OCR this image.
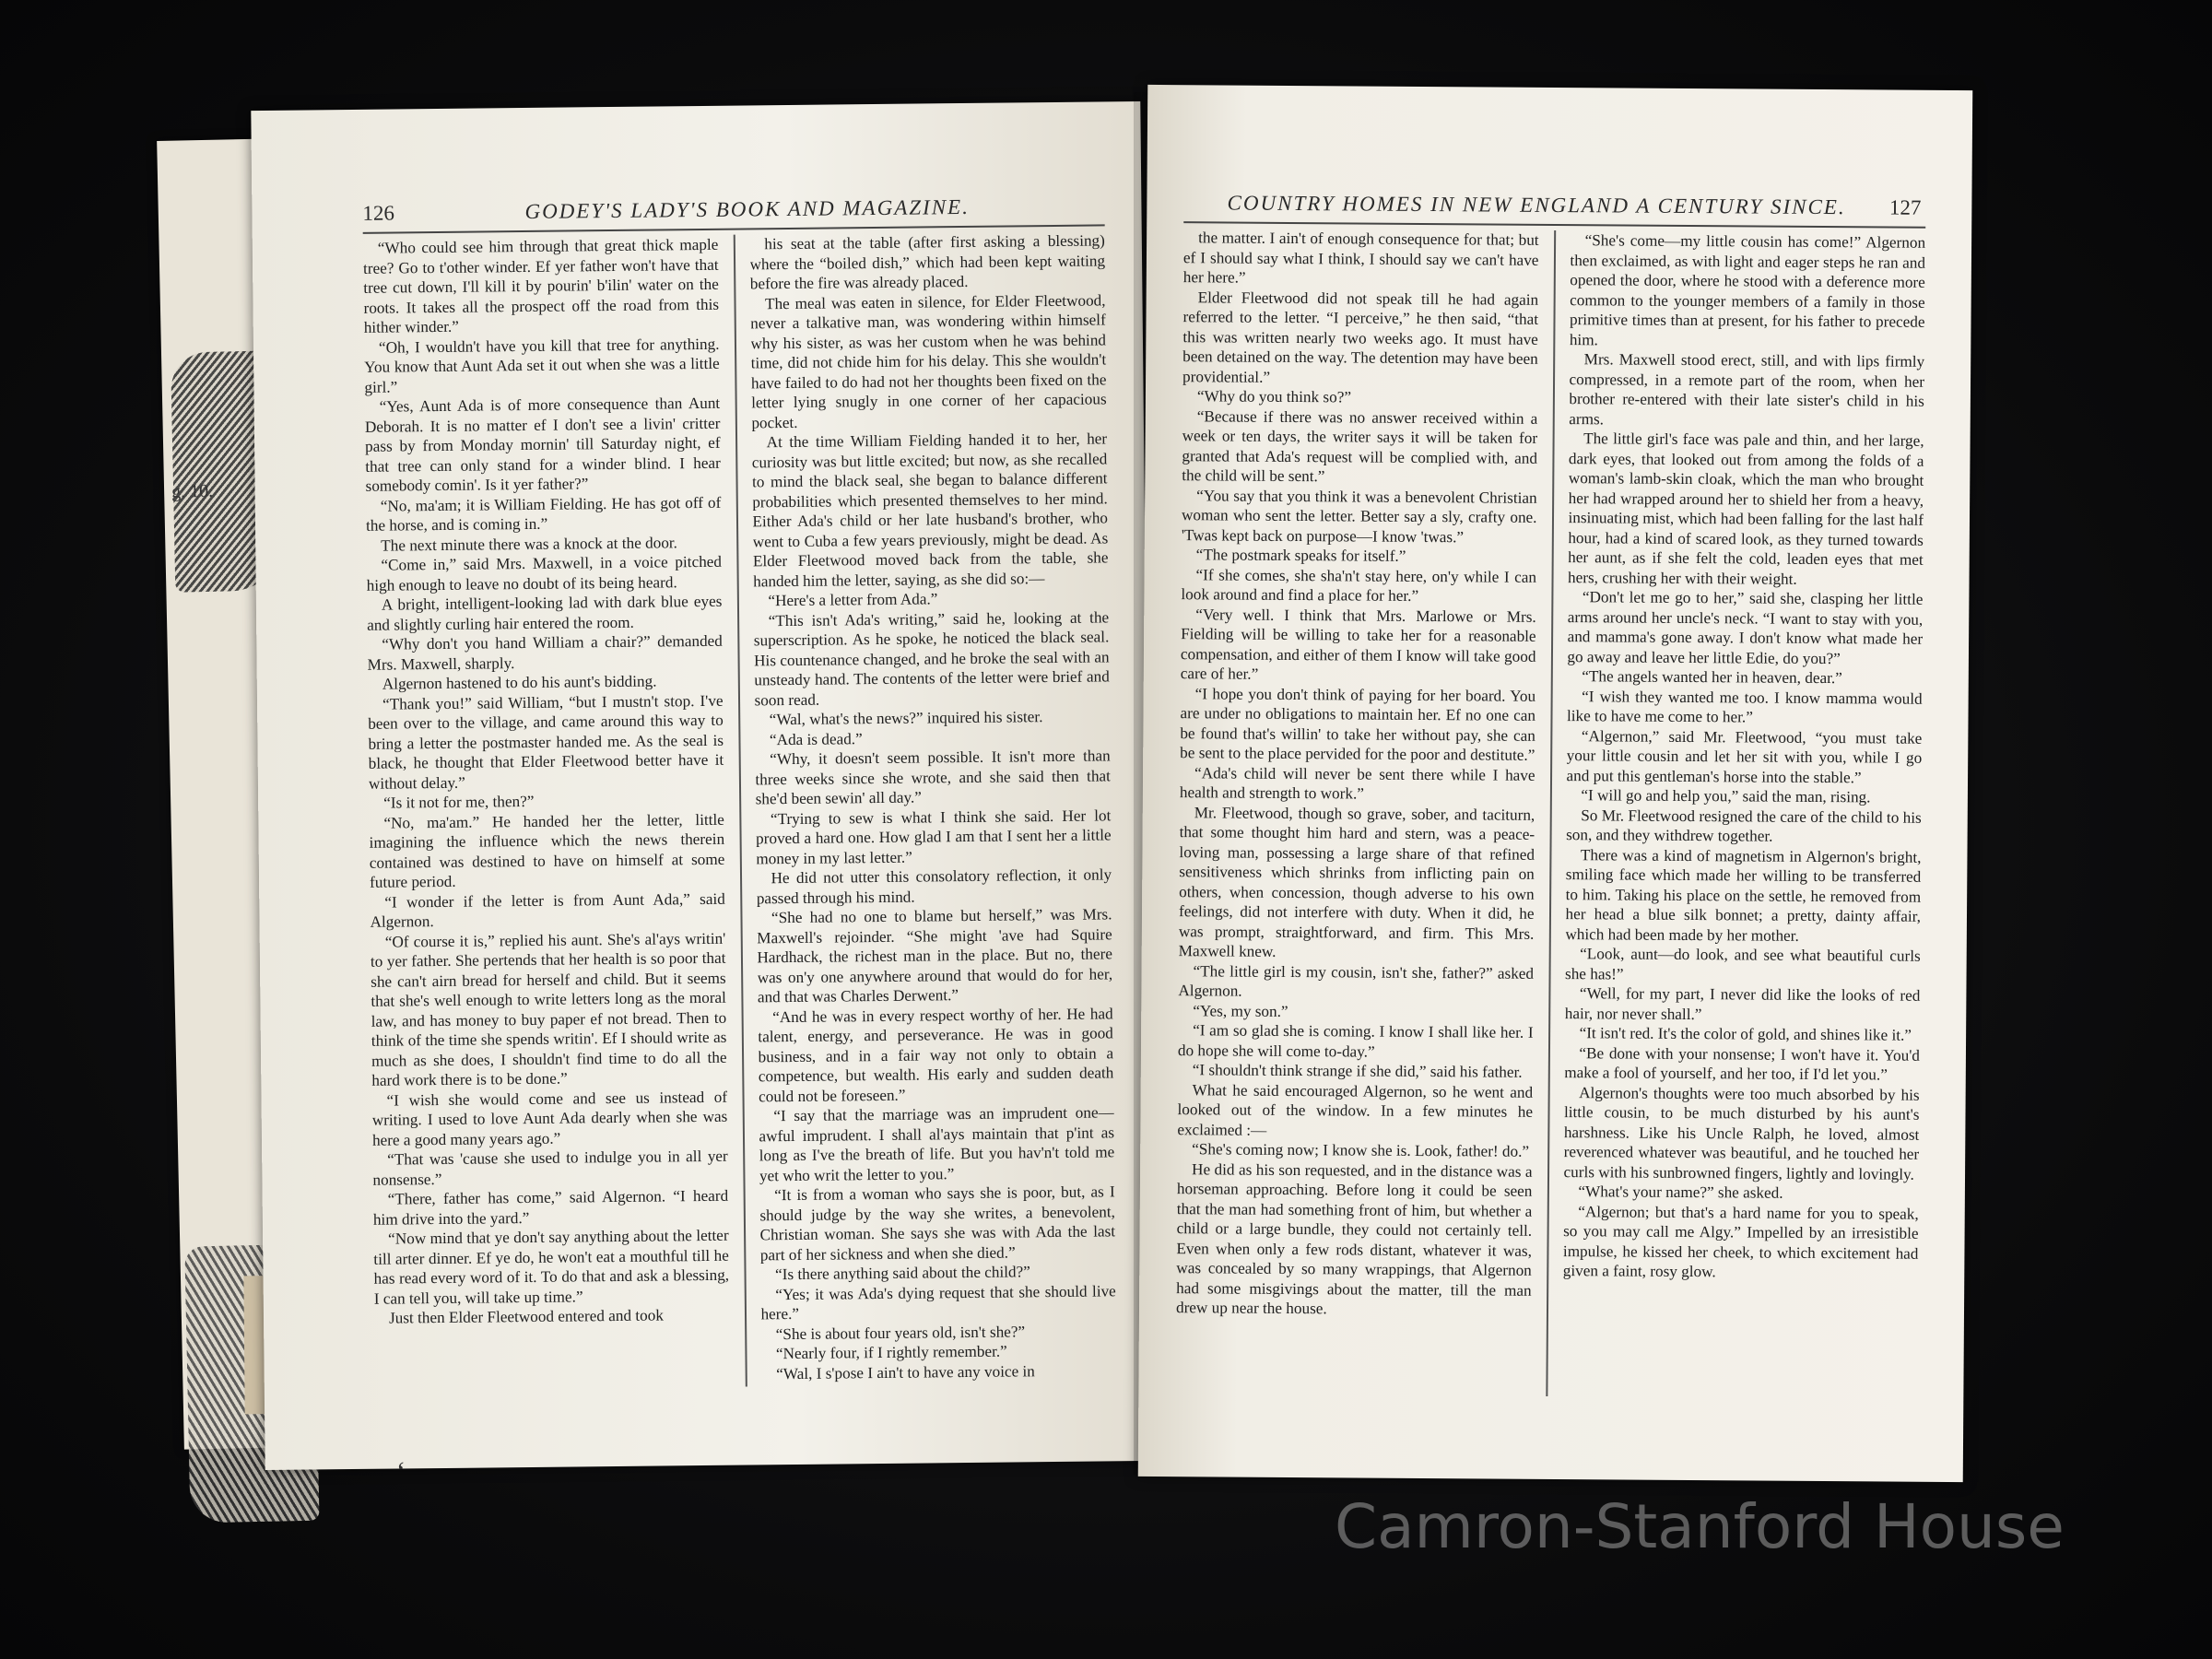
g. 10.
126	GODEY'S LADY'S BOOK AND MAGAZINE.

“Who could see him through that great thick maple tree? Go to t'other winder. Ef yer father won't have that tree cut down, I'll kill it by pourin' b'ilin' water on the roots. It takes all the prospect off the road from this hither winder.”

“Oh, I wouldn't have you kill that tree for anything. You know that Aunt Ada set it out when she was a little girl.”

“Yes, Aunt Ada is of more consequence than Aunt Deborah. It is no matter ef I don't see a livin' critter pass by from Monday mornin' till Saturday night, ef that tree can only stand for a winder blind. I hear somebody comin'. Is it yer father?”

“No, ma'am; it is William Fielding. He has got off of the horse, and is coming in.”

The next minute there was a knock at the door.

“Come in,” said Mrs. Maxwell, in a voice pitched high enough to leave no doubt of its being heard.

A bright, intelligent-looking lad with dark blue eyes and slightly curling hair entered the room.

“Why don't you hand William a chair?” demanded Mrs. Maxwell, sharply.

Algernon hastened to do his aunt's bidding.

“Thank you!” said William, “but I mustn't stop. I've been over to the village, and came around this way to bring a letter the postmaster handed me. As the seal is black, he thought that Elder Fleetwood better have it without delay.”

“Is it not for me, then?”

“No, ma'am.” He handed her the letter, little imagining the influence which the news therein contained was destined to have on himself at some future period.

“I wonder if the letter is from Aunt Ada,” said Algernon.

“Of course it is,” replied his aunt. She's al'ays writin' to yer father. She pertends that her health is so poor that she can't airn bread for herself and child. But it seems that she's well enough to write letters long as the moral law, and has money to buy paper ef not bread. Then to think of the time she spends writin'. Ef I should write as much as she does, I shouldn't find time to do all the hard work there is to be done.”

“I wish she would come and see us instead of writing. I used to love Aunt Ada dearly when she was here a good many years ago.”

“That was 'cause she used to indulge you in all yer nonsense.”

“There, father has come,” said Algernon. “I heard him drive into the yard.”

“Now mind that ye don't say anything about the letter till arter dinner. Ef ye do, he won't eat a mouthful till he has read every word of it. To do that and ask a blessing, I can tell you, will take up time.”

Just then Elder Fleetwood entered and took

his seat at the table (after first asking a blessing) where the “boiled dish,” which had been kept waiting before the fire was already placed.

The meal was eaten in silence, for Elder Fleetwood, never a talkative man, was wondering within himself why his sister, as was her custom when he was behind time, did not chide him for his delay. This she wouldn't have failed to do had not her thoughts been fixed on the letter lying snugly in one corner of her capacious pocket.

At the time William Fielding handed it to her, her curiosity was but little excited; but now, as she recalled to mind the black seal, she began to balance different probabilities which presented themselves to her mind. Either Ada's child or her late husband's brother, who went to Cuba a few years previously, might be dead. As Elder Fleetwood moved back from the table, she handed him the letter, saying, as she did so:—

“Here's a letter from Ada.”

“This isn't Ada's writing,” said he, looking at the superscription. As he spoke, he noticed the black seal. His countenance changed, and he broke the seal with an unsteady hand. The contents of the letter were brief and soon read.

“Wal, what's the news?” inquired his sister.

“Ada is dead.”

“Why, it doesn't seem possible. It isn't more than three weeks since she wrote, and she said then that she'd been sewin' all day.”

“Trying to sew is what I think she said. Her lot proved a hard one. How glad I am that I sent her a little money in my last letter.”

He did not utter this consolatory reflection, it only passed through his mind.

“She had no one to blame but herself,” was Mrs. Maxwell's rejoinder. “She might 'ave had Squire Hardhack, the richest man in the place. But no, there was on'y one anywhere around that would do for her, and that was Charles Derwent.”

“And he was in every respect worthy of her. He had talent, energy, and perseverance. He was in good business, and in a fair way not only to obtain a competence, but wealth. His early and sudden death could not be foreseen.”

“I say that the marriage was an imprudent one—awful imprudent. I shall al'ays maintain that p'int as long as I've the breath of life. But you hav'n't told me yet who writ the letter to you.”

“It is from a woman who says she is poor, but, as I should judge by the way she writes, a benevolent, Christian woman. She says she was with Ada the last part of her sickness and when she died.”

“Is there anything said about the child?”

“Yes; it was Ada's dying request that she should live here.”

“She is about four years old, isn't she?”

“Nearly four, if I rightly remember.”

“Wal, I s'pose I ain't to have any voice in

COUNTRY HOMES IN NEW ENGLAND A CENTURY SINCE. 127

the matter. I ain't of enough consequence for that; but ef I should say what I think, I should say we can't have her here.”

Elder Fleetwood did not speak till he had again referred to the letter. “I perceive,” he then said, “that this was written nearly two weeks ago. It must have been detained on the way. The detention may have been providential.”

“Why do you think so?”

“Because if there was no answer received within a week or ten days, the writer says it will be taken for granted that Ada's request will be complied with, and the child will be sent.”

“You say that you think it was a benevolent Christian woman who sent the letter. Better say a sly, crafty one. 'Twas kept back on purpose—I know 'twas.”

“The postmark speaks for itself.”

“If she comes, she sha'n't stay here, on'y while I can look around and find a place for her.”

“Very well. I think that Mrs. Marlowe or Mrs. Fielding will be willing to take her for a reasonable compensation, and either of them I know will take good care of her.”

“I hope you don't think of paying for her board. You are under no obligations to maintain her. Ef no one can be found that's willin' to take her without pay, she can be sent to the place pervided for the poor and destitute.”

“Ada's child will never be sent there while I have health and strength to work.”

Mr. Fleetwood, though so grave, sober, and taciturn, that some thought him hard and stern, was a peace-loving man, possessing a large share of that refined sensitiveness which shrinks from inflicting pain on others, when concession, though adverse to his own feelings, did not interfere with duty. When it did, he was prompt, straightforward, and firm. This Mrs. Maxwell knew.

“The little girl is my cousin, isn't she, father?” asked Algernon.

“Yes, my son.”

“I am so glad she is coming. I know I shall like her. I do hope she will come to-day.”

“I shouldn't think strange if she did,” said his father.

What he said encouraged Algernon, so he went and looked out of the window. In a few minutes he exclaimed :—

“She's coming now; I know she is. Look, father! do.”

He did as his son requested, and in the distance was a horseman approaching. Before long it could be seen that the man had something front of him, but whether a child or a large bundle, they could not certainly tell. Even when only a few rods distant, whatever it was, was concealed by so many wrappings, that Algernon had some misgivings about the matter, till the man drew up near the house.

“She's come—my little cousin has come!” Algernon then exclaimed, as with light and eager steps he ran and opened the door, where he stood with a deference more common to the younger members of a family in those primitive times than at present, for his father to precede him.

Mrs. Maxwell stood erect, still, and with lips firmly compressed, in a remote part of the room, when her brother re-entered with their late sister's child in his arms.

The little girl's face was pale and thin, and her large, dark eyes, that looked out from among the folds of a woman's lamb-skin cloak, which the man who brought her had wrapped around her to shield her from a heavy, insinuating mist, which had been falling for the last half hour, had a kind of scared look, as they turned towards her aunt, as if she felt the cold, leaden eyes that met hers, crushing her with their weight.

“Don't let me go to her,” said she, clasping her little arms around her uncle's neck. “I want to stay with you, and mamma's gone away. I don't know what made her go away and leave her little Edie, do you?”

“The angels wanted her in heaven, dear.”

“I wish they wanted me too. I know mamma would like to have me come to her.”

“Algernon,” said Mr. Fleetwood, “you must take your little cousin and let her sit with you, while I go and put this gentleman's horse into the stable.”

“I will go and help you,” said the man, rising.

So Mr. Fleetwood resigned the care of the child to his son, and they withdrew together.

There was a kind of magnetism in Algernon's bright, smiling face which made her willing to be transferred to him. Taking his place on the settle, he removed from her head a blue silk bonnet; a pretty, dainty affair, which had been made by her mother.

“Look, aunt—do look, and see what beautiful curls she has!”

“Well, for my part, I never did like the looks of red hair, nor never shall.”

“It isn't red. It's the color of gold, and shines like it.”

“Be done with your nonsense; I won't have it. You'd make a fool of yourself, and her too, if I'd let you.”

Algernon's thoughts were too much absorbed by his little cousin, to be much disturbed by his aunt's harshness. Like his Uncle Ralph, he loved, almost reverenced whatever was beautiful, and he touched her curls with his sunbrowned fingers, lightly and lovingly.

“What's your name?” she asked.

“Algernon; but that's a hard name for you to speak, so you may call me Algy.” Impelled by an irresistible impulse, he kissed her cheek, to which excitement had given a faint, rosy glow.

ʻ
Camron-Stanford House
